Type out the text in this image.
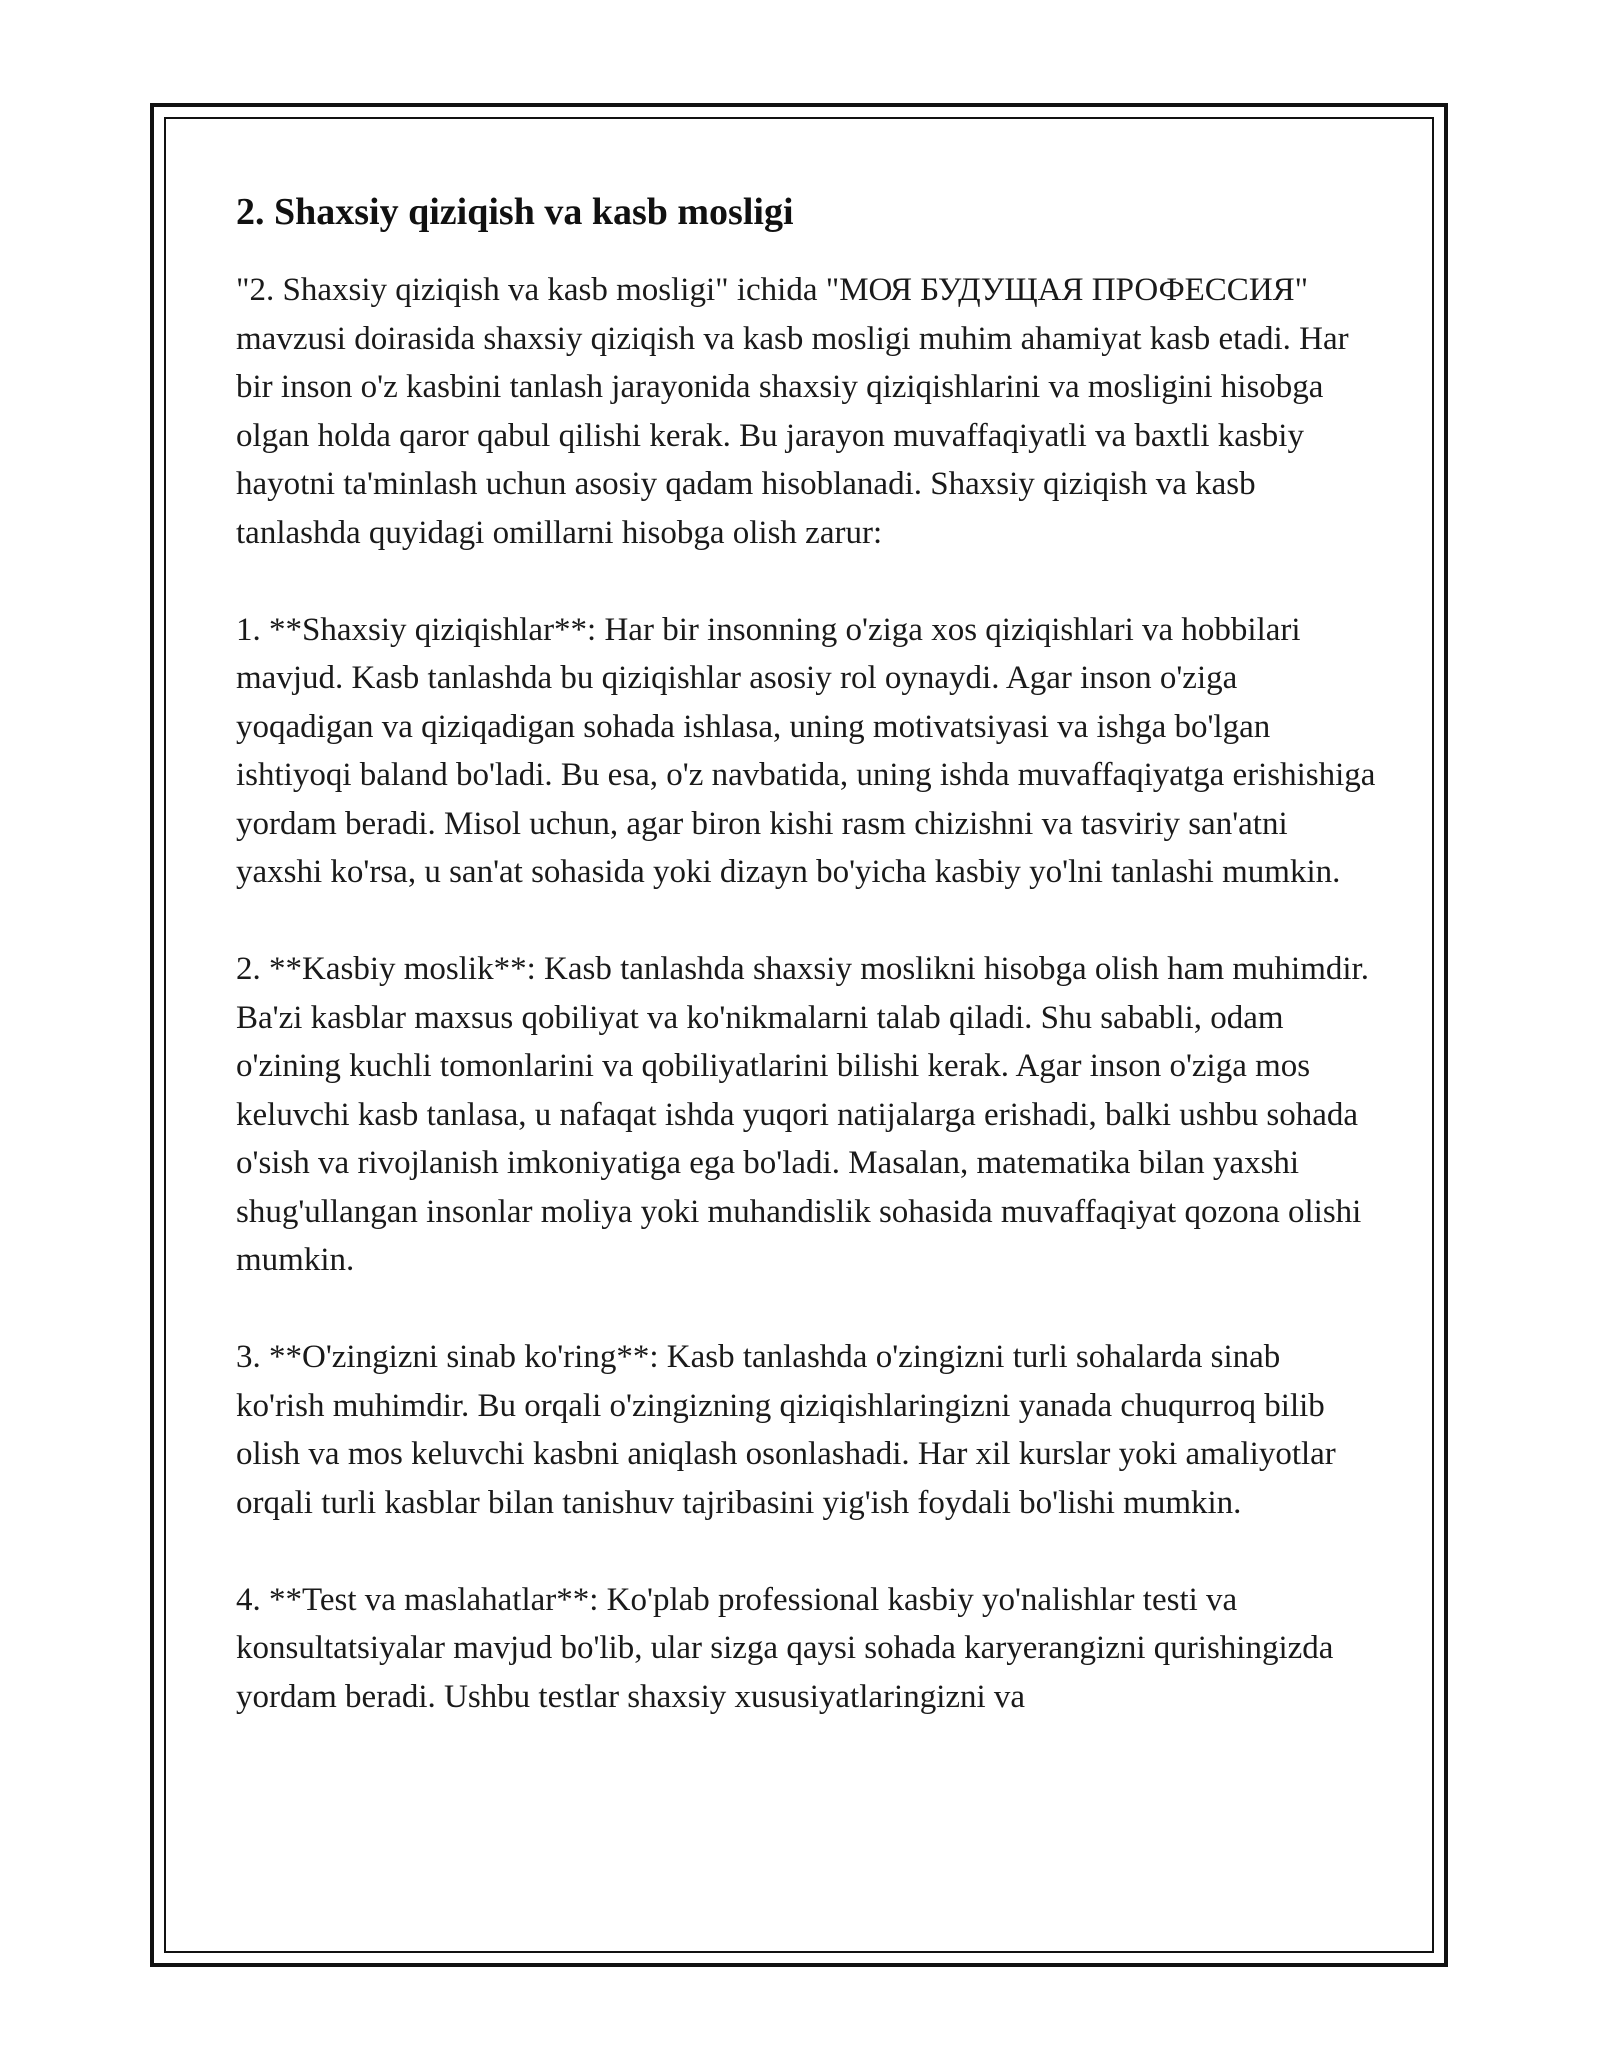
2. Shaxsiy qiziqish va kasb mosligi

"2. Shaxsiy qiziqish va kasb mosligi" ichida "МОЯ БУДУЩАЯ ПРОФЕССИЯ" mavzusi doirasida shaxsiy qiziqish va kasb mosligi muhim ahamiyat kasb etadi. Har bir inson o'z kasbini tanlash jarayonida shaxsiy qiziqishlarini va mosligini hisobga olgan holda qaror qabul qilishi kerak. Bu jarayon muvaffaqiyatli va baxtli kasbiy hayotni ta'minlash uchun asosiy qadam hisoblanadi. Shaxsiy qiziqish va kasb tanlashda quyidagi omillarni hisobga olish zarur:

1. **Shaxsiy qiziqishlar**: Har bir insonning o'ziga xos qiziqishlari va hobbilari mavjud. Kasb tanlashda bu qiziqishlar asosiy rol oynaydi. Agar inson o'ziga yoqadigan va qiziqadigan sohada ishlasa, uning motivatsiyasi va ishga bo'lgan ishtiyoqi baland bo'ladi. Bu esa, o'z navbatida, uning ishda muvaffaqiyatga erishishiga yordam beradi. Misol uchun, agar biron kishi rasm chizishni va tasviriy san'atni yaxshi ko'rsa, u san'at sohasida yoki dizayn bo'yicha kasbiy yo'lni tanlashi mumkin.

2. **Kasbiy moslik**: Kasb tanlashda shaxsiy moslikni hisobga olish ham muhimdir. Ba'zi kasblar maxsus qobiliyat va ko'nikmalarni talab qiladi. Shu sababli, odam o'zining kuchli tomonlarini va qobiliyatlarini bilishi kerak. Agar inson o'ziga mos keluvchi kasb tanlasa, u nafaqat ishda yuqori natijalarga erishadi, balki ushbu sohada o'sish va rivojlanish imkoniyatiga ega bo'ladi. Masalan, matematika bilan yaxshi shug'ullangan insonlar moliya yoki muhandislik sohasida muvaffaqiyat qozona olishi mumkin.

3. **O'zingizni sinab ko'ring**: Kasb tanlashda o'zingizni turli sohalarda sinab ko'rish muhimdir. Bu orqali o'zingizning qiziqishlaringizni yanada chuqurroq bilib olish va mos keluvchi kasbni aniqlash osonlashadi. Har xil kurslar yoki amaliyotlar orqali turli kasblar bilan tanishuv tajribasini yig'ish foydali bo'lishi mumkin.

4. **Test va maslahatlar**: Ko'plab professional kasbiy yo'nalishlar testi va konsultatsiyalar mavjud bo'lib, ular sizga qaysi sohada karyerangizni qurishingizda yordam beradi. Ushbu testlar shaxsiy xususiyatlaringizni va
